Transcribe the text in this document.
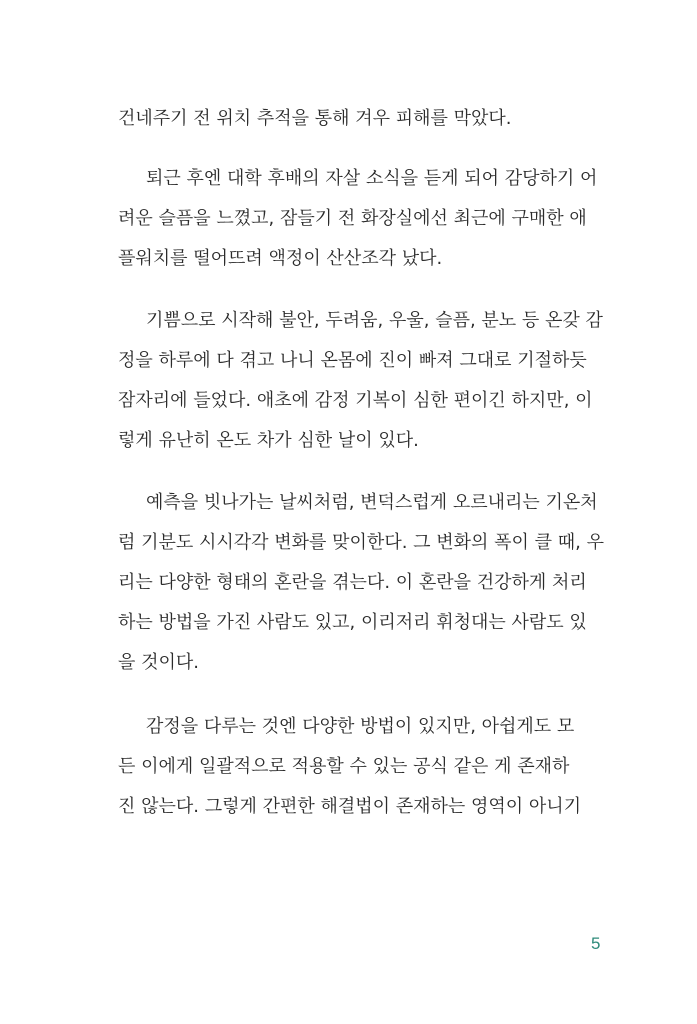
건네주기 전 위치 추적을 통해 겨우 피해를 막았다.
퇴근 후엔 대학 후배의 자살 소식을 듣게 되어 감당하기 어
려운 슬픔을 느꼈고, 잠들기 전 화장실에선 최근에 구매한 애
플워치를 떨어뜨려 액정이 산산조각 났다.
기쁨으로 시작해 불안, 두려움, 우울, 슬픔, 분노 등 온갖 감
정을 하루에 다 겪고 나니 온몸에 진이 빠져 그대로 기절하듯
잠자리에 들었다. 애초에 감정 기복이 심한 편이긴 하지만, 이
렇게 유난히 온도 차가 심한 날이 있다.
예측을 빗나가는 날씨처럼, 변덕스럽게 오르내리는 기온처
럼 기분도 시시각각 변화를 맞이한다. 그 변화의 폭이 클 때, 우
리는 다양한 형태의 혼란을 겪는다. 이 혼란을 건강하게 처리
하는 방법을 가진 사람도 있고, 이리저리 휘청대는 사람도 있
을 것이다.
감정을 다루는 것엔 다양한 방법이 있지만, 아쉽게도 모
든 이에게 일괄적으로 적용할 수 있는 공식 같은 게 존재하
진 않는다. 그렇게 간편한 해결법이 존재하는 영역이 아니기
5
